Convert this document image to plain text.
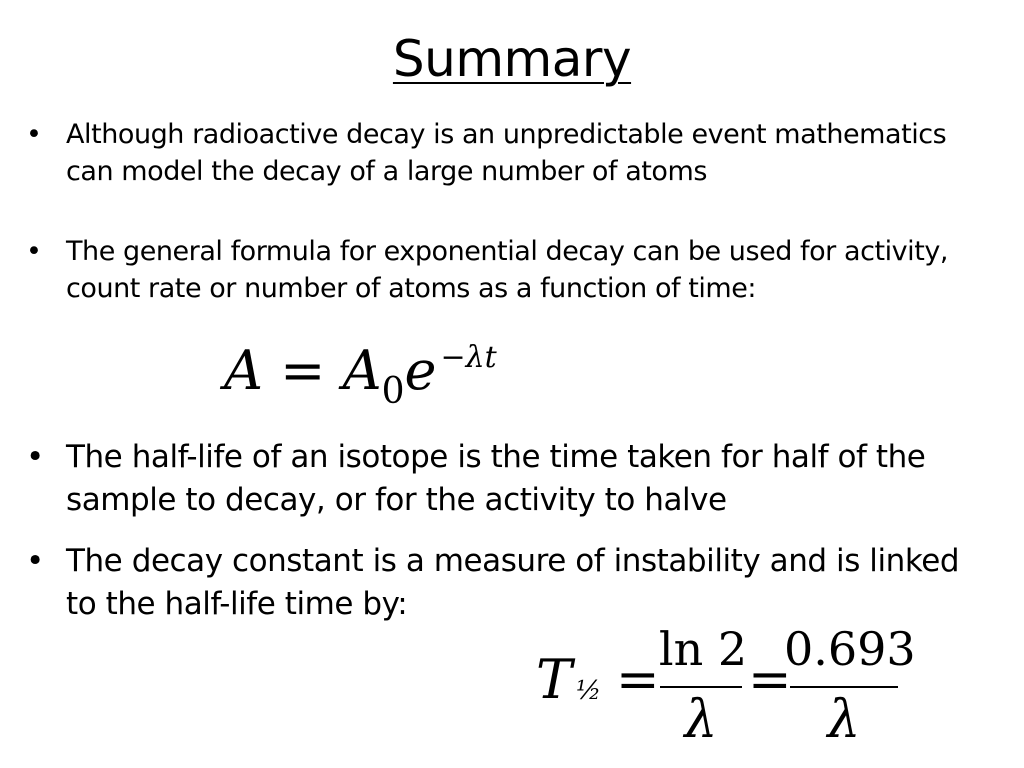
Summary
• Although radioactive decay is an unpredictable event mathematics can model the decay of a large number of atoms
• The general formula for exponential decay can be used for activity, count rate or number of atoms as a function of time:
$A = A_0e$ $^{-\lambda t}$
• The half-life of an isotope is the time taken for half of the sample to decay, or for the activity to halve
• The decay constant is a measure of instability and is linked to the half-life time by:
T ½ =
ln 2
λ
=
0.693
λ
